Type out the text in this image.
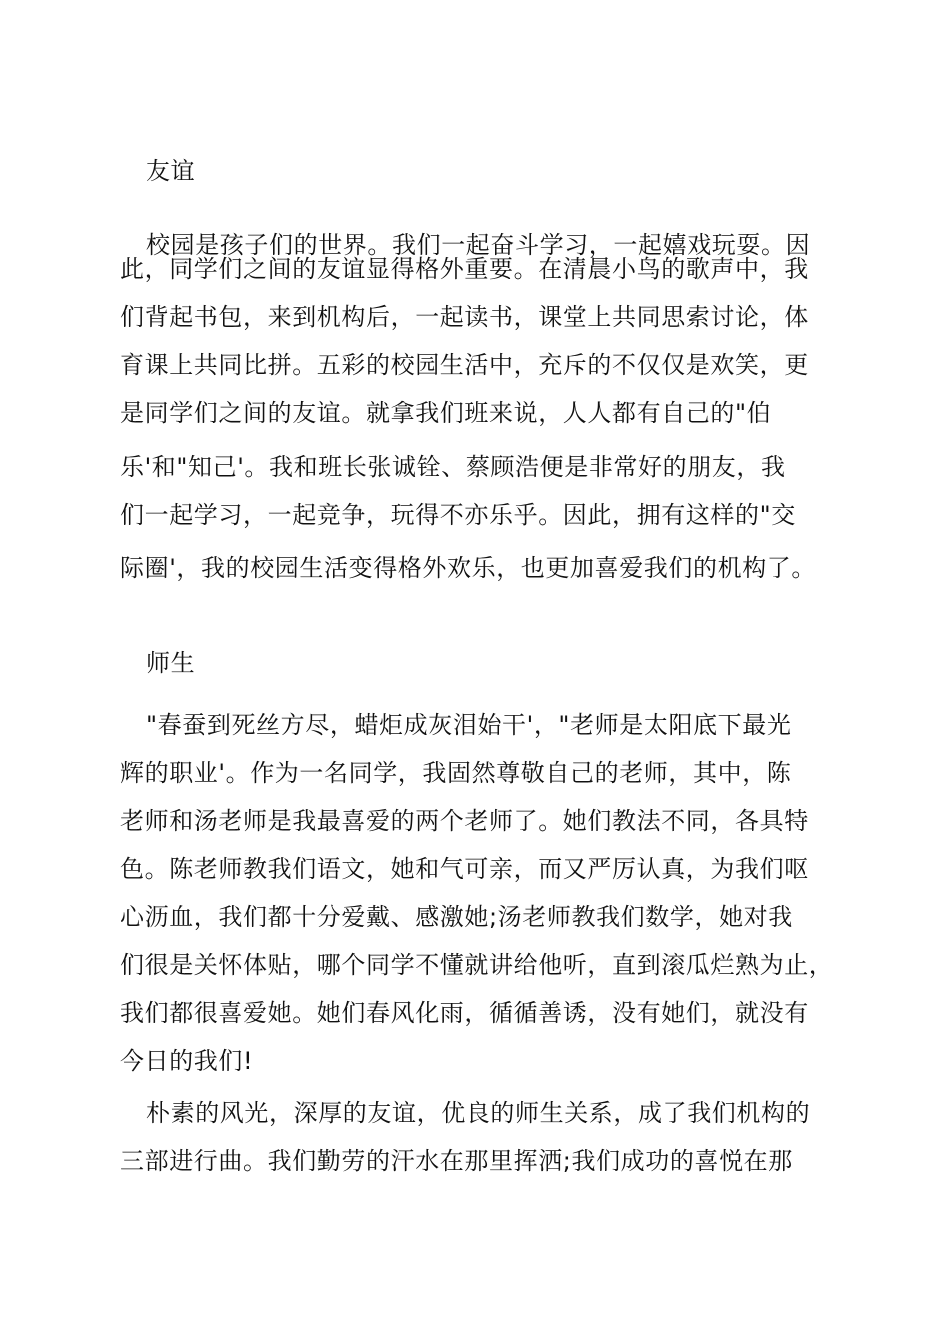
友谊
校园是孩子们的世界。我们一起奋斗学习，一起嬉戏玩耍。因
此，同学们之间的友谊显得格外重要。在清晨小鸟的歌声中，我
们背起书包，来到机构后，一起读书，课堂上共同思索讨论，体
育课上共同比拼。五彩的校园生活中，充斥的不仅仅是欢笑，更
是同学们之间的友谊。就拿我们班来说，人人都有自己的"伯
乐'和"知己'。我和班长张诚铨、蔡顾浩便是非常好的朋友，我
们一起学习，一起竞争，玩得不亦乐乎。因此，拥有这样的"交
际圈'，我的校园生活变得格外欢乐，也更加喜爱我们的机构了。
师生
"春蚕到死丝方尽，蜡炬成灰泪始干'，"老师是太阳底下最光
辉的职业'。作为一名同学，我固然尊敬自己的老师，其中，陈
老师和汤老师是我最喜爱的两个老师了。她们教法不同，各具特
色。陈老师教我们语文，她和气可亲，而又严厉认真，为我们呕
心沥血，我们都十分爱戴、感激她;汤老师教我们数学，她对我
们很是关怀体贴，哪个同学不懂就讲给他听，直到滚瓜烂熟为止，
我们都很喜爱她。她们春风化雨，循循善诱，没有她们，就没有
今日的我们!
朴素的风光，深厚的友谊，优良的师生关系，成了我们机构的
三部进行曲。我们勤劳的汗水在那里挥洒;我们成功的喜悦在那
